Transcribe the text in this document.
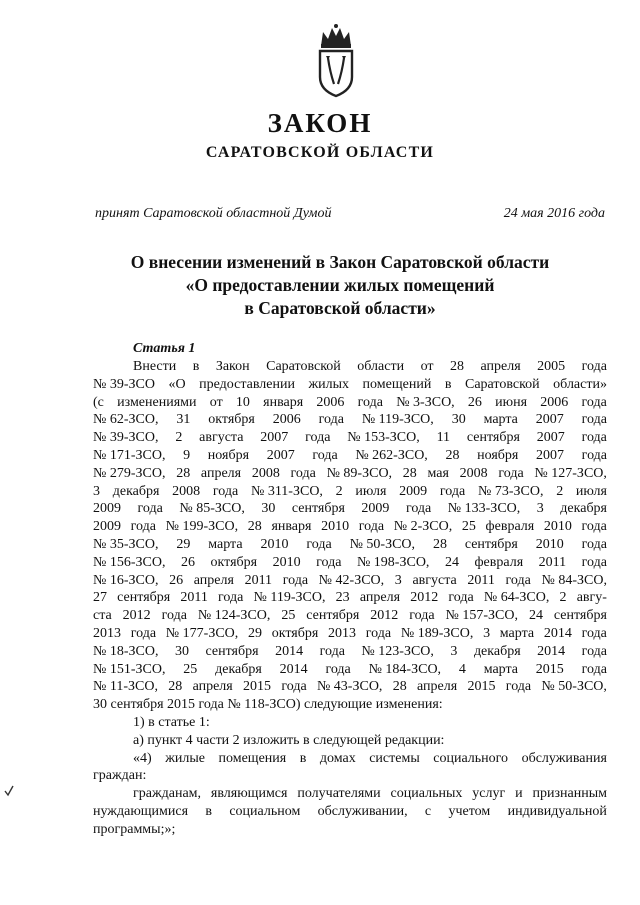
ЗАКОН
САРАТОВСКОЙ ОБЛАСТИ
принят Саратовской областной Думой	24 мая 2016 года
О внесении изменений в Закон Саратовской области
«О предоставлении жилых помещений
в Саратовской области»
Статья 1
Внести в Закон Саратовской области от 28 апреля 2005 года
№ 39-ЗСО «О предоставлении жилых помещений в Саратовской области»
(с изменениями от 10 января 2006 года № 3-ЗСО, 26 июня 2006 года
№ 62-ЗСО, 31 октября 2006 года № 119-ЗСО, 30 марта 2007 года
№ 39-ЗСО, 2 августа 2007 года № 153-ЗСО, 11 сентября 2007 года
№ 171-ЗСО, 9 ноября 2007 года № 262-ЗСО, 28 ноября 2007 года
№ 279-ЗСО, 28 апреля 2008 года № 89-ЗСО, 28 мая 2008 года № 127-ЗСО,
3 декабря 2008 года № 311-ЗСО, 2 июля 2009 года № 73-ЗСО, 2 июля
2009 года № 85-ЗСО, 30 сентября 2009 года № 133-ЗСО, 3 декабря
2009 года № 199-ЗСО, 28 января 2010 года № 2-ЗСО, 25 февраля 2010 года
№ 35-ЗСО, 29 марта 2010 года № 50-ЗСО, 28 сентября 2010 года
№ 156-ЗСО, 26 октября 2010 года № 198-ЗСО, 24 февраля 2011 года
№ 16-ЗСО, 26 апреля 2011 года № 42-ЗСО, 3 августа 2011 года № 84-ЗСО,
27 сентября 2011 года № 119-ЗСО, 23 апреля 2012 года № 64-ЗСО, 2 авгу-
ста 2012 года № 124-ЗСО, 25 сентября 2012 года № 157-ЗСО, 24 сентября
2013 года № 177-ЗСО, 29 октября 2013 года № 189-ЗСО, 3 марта 2014 года
№ 18-ЗСО, 30 сентября 2014 года № 123-ЗСО, 3 декабря 2014 года
№ 151-ЗСО, 25 декабря 2014 года № 184-ЗСО, 4 марта 2015 года
№ 11-ЗСО, 28 апреля 2015 года № 43-ЗСО, 28 апреля 2015 года № 50-ЗСО,
30 сентября 2015 года № 118-ЗСО) следующие изменения:
1) в статье 1:
а) пункт 4 части 2 изложить в следующей редакции:
«4) жилые помещения в домах системы социального обслуживания
граждан:
гражданам, являющимся получателями социальных услуг и признанным
нуждающимися в социальном обслуживании, с учетом индивидуальной
программы;»;
